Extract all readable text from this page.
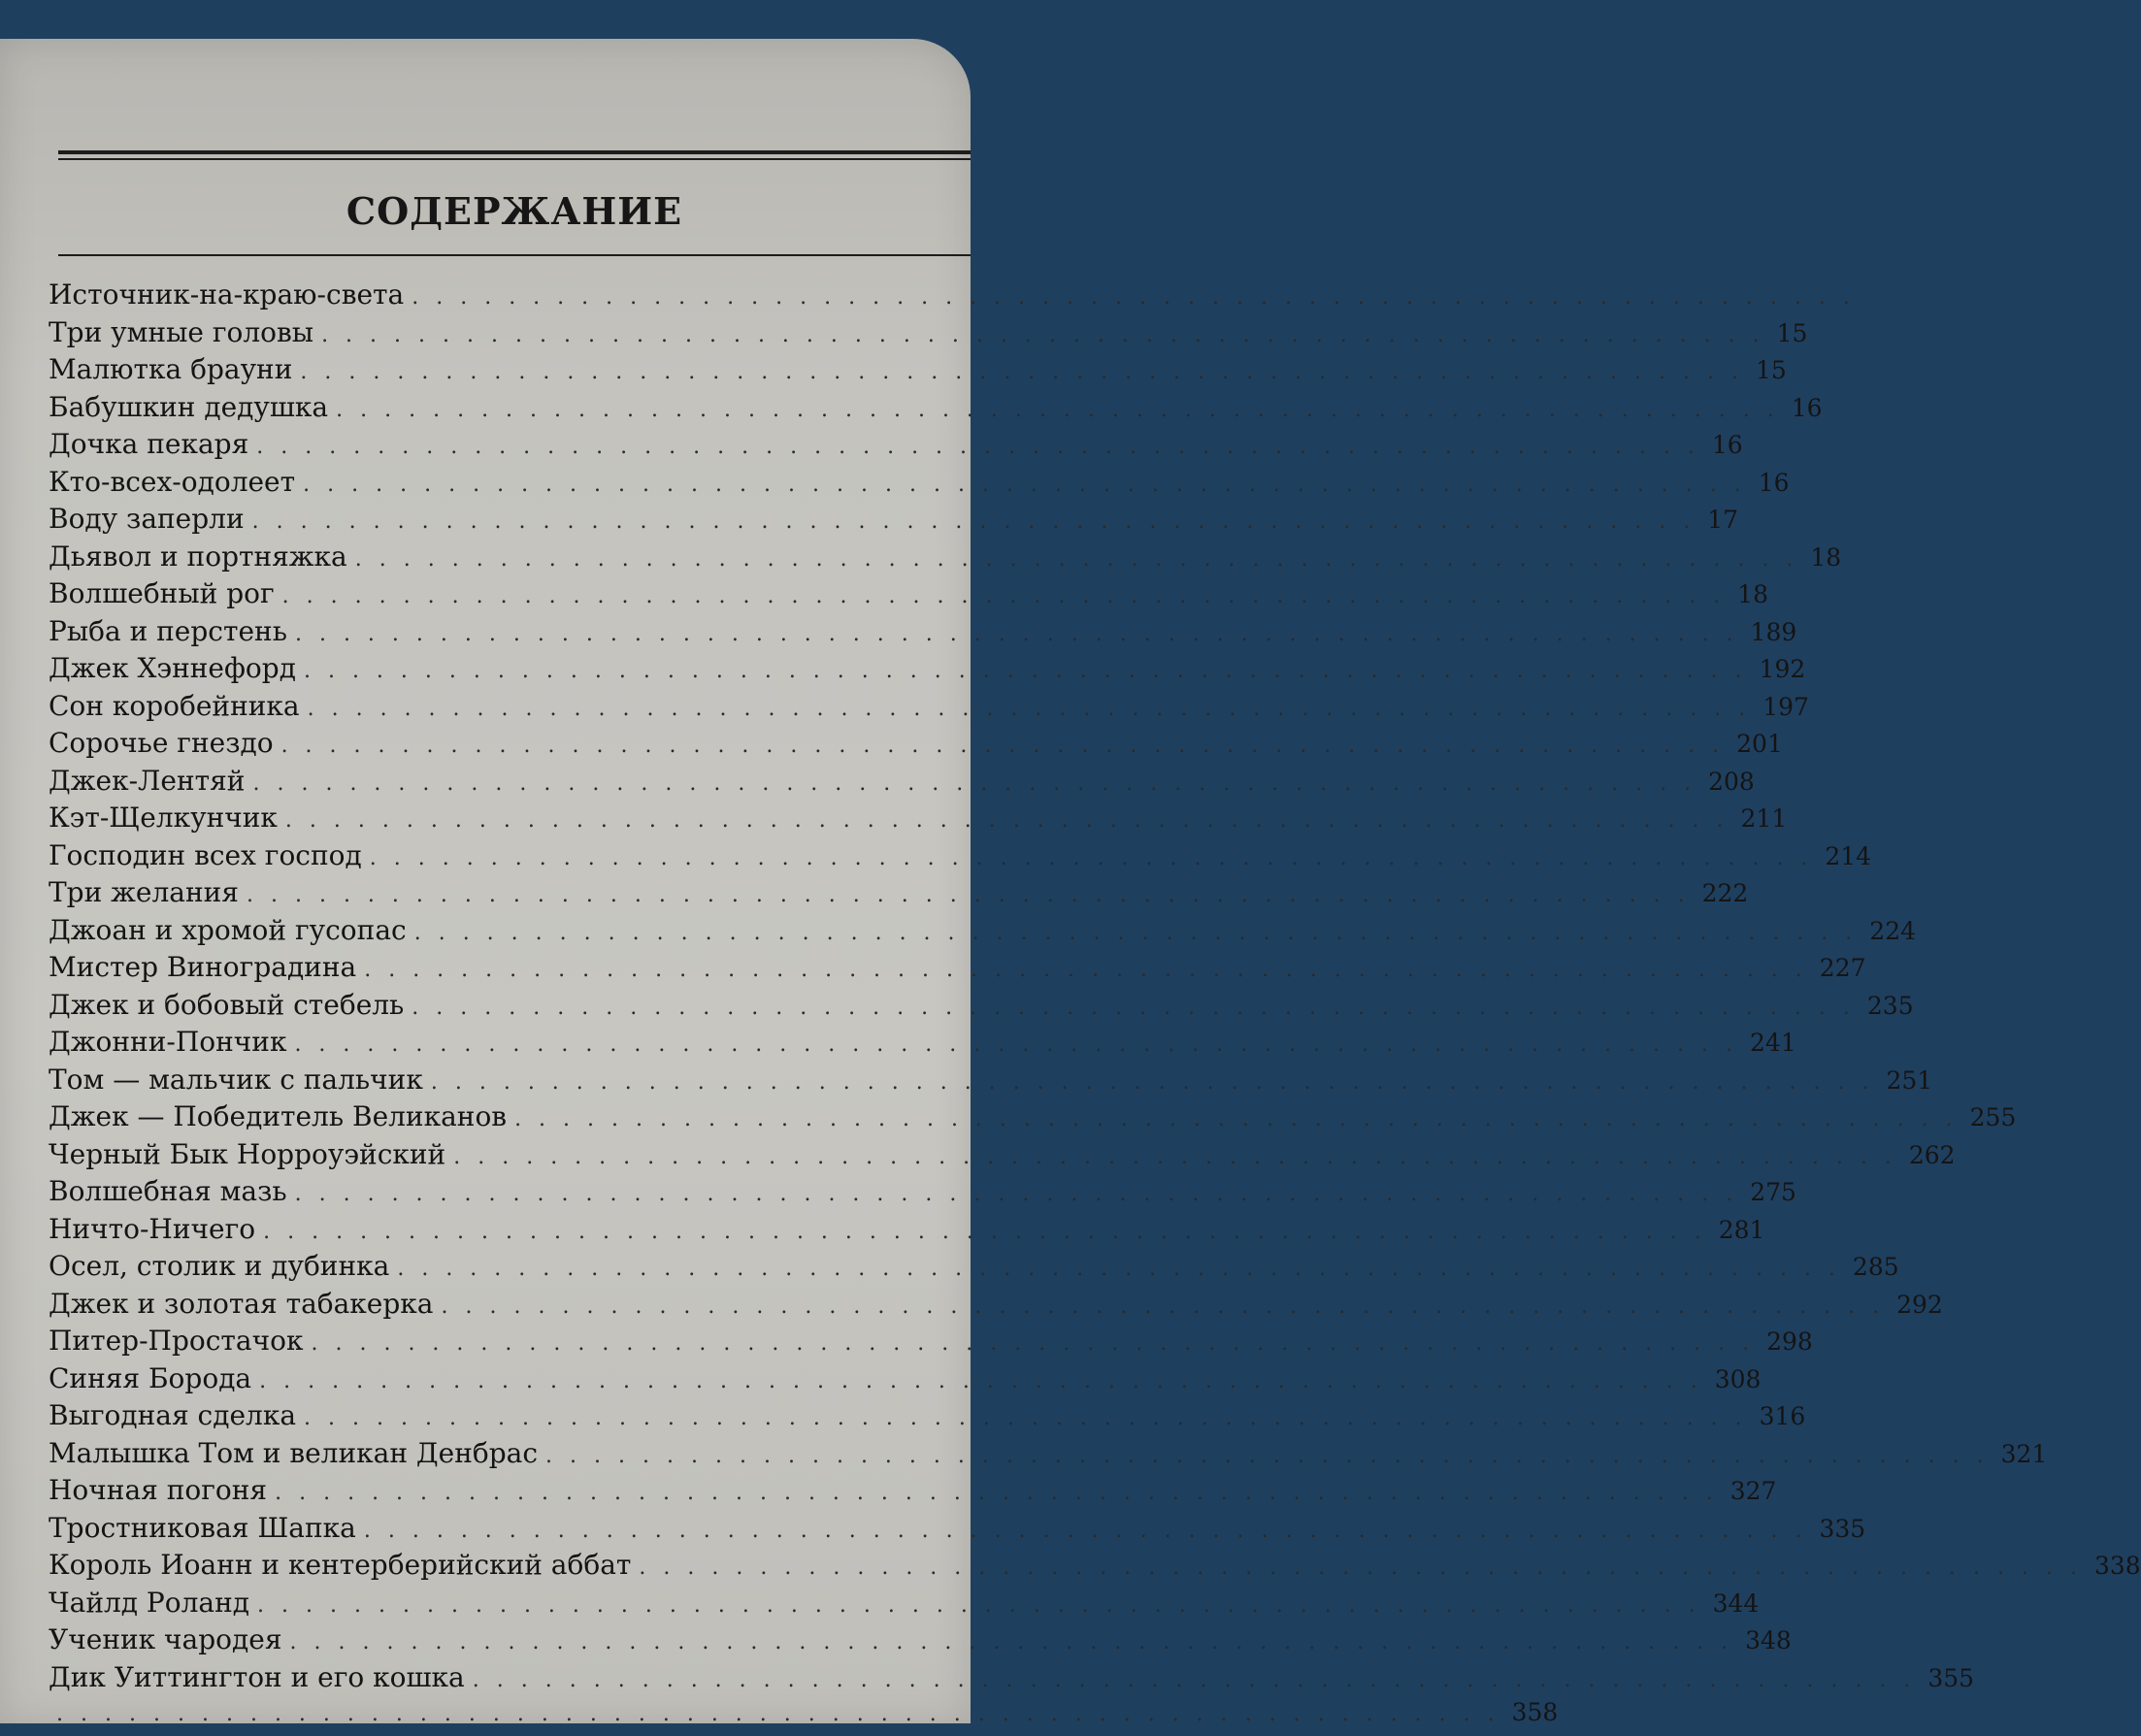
СОДЕРЖАНИЕ
Источник-на-краю-света ............................................................
Три умные головы ............................................................ 15
Малютка брауни ............................................................ 15
Бабушкин дедушка ............................................................ 16
Дочка пекаря ............................................................ 16
Кто-всех-одолеет ............................................................ 16
Воду заперли ............................................................ 17
Дьявол и портняжка ............................................................ 18
Волшебный рог ............................................................ 18
Рыба и перстень ............................................................ 189
Джек Хэннефорд ............................................................ 192
Сон коробейника ............................................................ 197
Сорочье гнездо ............................................................ 201
Джек-Лентяй ............................................................ 208
Кэт-Щелкунчик ............................................................ 211
Господин всех господ ............................................................ 214
Три желания ............................................................ 222
Джоан и хромой гусопас ............................................................ 224
Мистер Виноградина ............................................................ 227
Джек и бобовый стебель ............................................................ 235
Джонни-Пончик ............................................................ 241
Том — мальчик с пальчик ............................................................ 251
Джек — Победитель Великанов ............................................................ 255
Черный Бык Норроуэйский ............................................................ 262
Волшебная мазь ............................................................ 275
Ничто-Ничего ............................................................ 281
Осел, столик и дубинка ............................................................ 285
Джек и золотая табакерка ............................................................ 292
Питер-Простачок ............................................................ 298
Синяя Борода ............................................................ 308
Выгодная сделка ............................................................ 316
Малышка Том и великан Денбрас ............................................................ 321
Ночная погоня ............................................................ 327
Тростниковая Шапка ............................................................ 335
Король Иоанн и кентерберийский аббат ............................................................ 338
Чайлд Роланд ............................................................ 344
Ученик чародея ............................................................ 348
Дик Уиттингтон и его кошка ............................................................ 355
............................................................ 358
